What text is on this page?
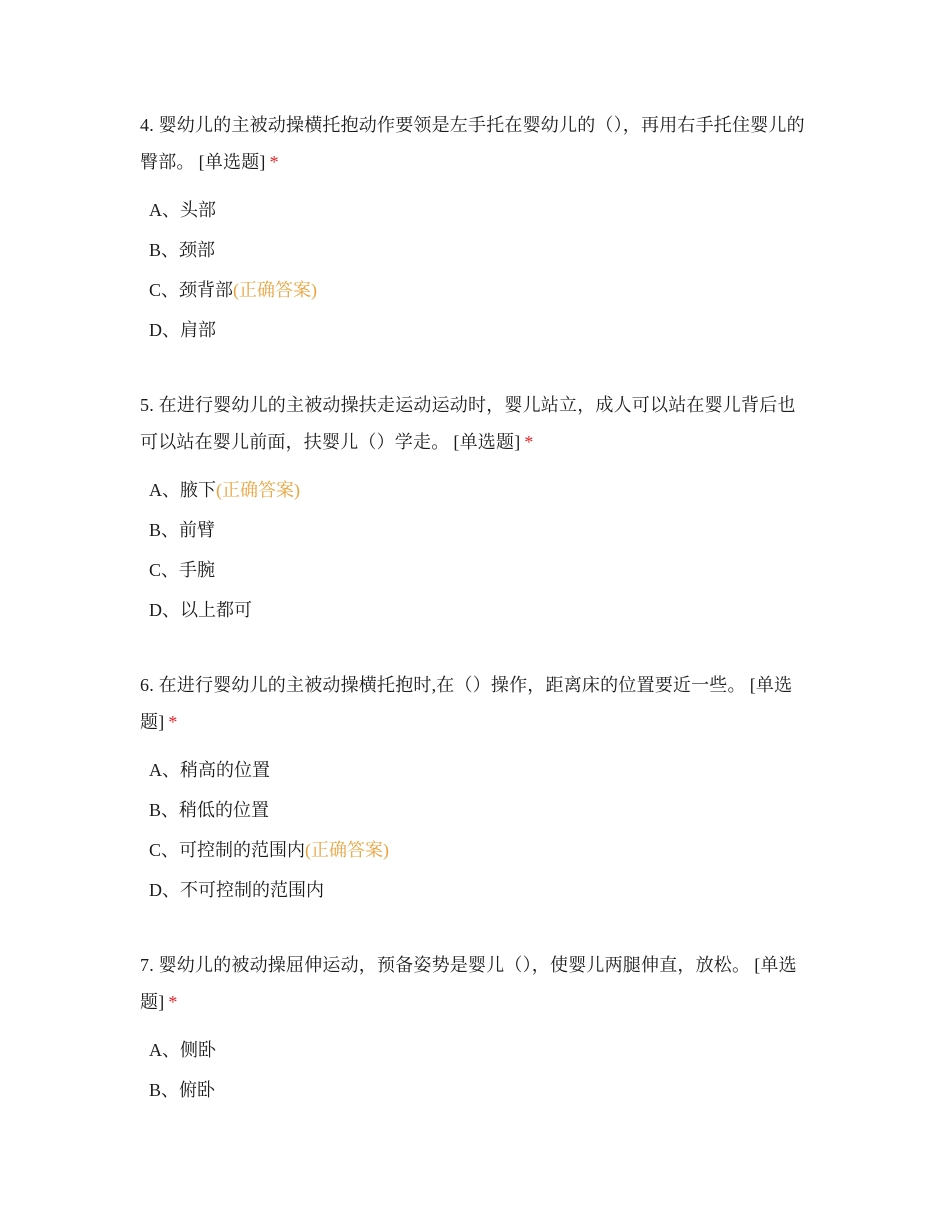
4. 婴幼儿的主被动操横托抱动作要领是左手托在婴幼儿的（），再用右手托住婴儿的臀部。 [单选题] *

A、头部
B、颈部
C、颈背部(正确答案)
D、肩部

5. 在进行婴幼儿的主被动操扶走运动运动时，婴儿站立，成人可以站在婴儿背后也可以站在婴儿前面，扶婴儿（）学走。 [单选题] *

A、腋下(正确答案)
B、前臂
C、手腕
D、以上都可

6. 在进行婴幼儿的主被动操横托抱时,在（）操作，距离床的位置要近一些。 [单选题] *

A、稍高的位置
B、稍低的位置
C、可控制的范围内(正确答案)
D、不可控制的范围内

7. 婴幼儿的被动操屈伸运动，预备姿势是婴儿（），使婴儿两腿伸直，放松。 [单选题] *

A、侧卧
B、俯卧
